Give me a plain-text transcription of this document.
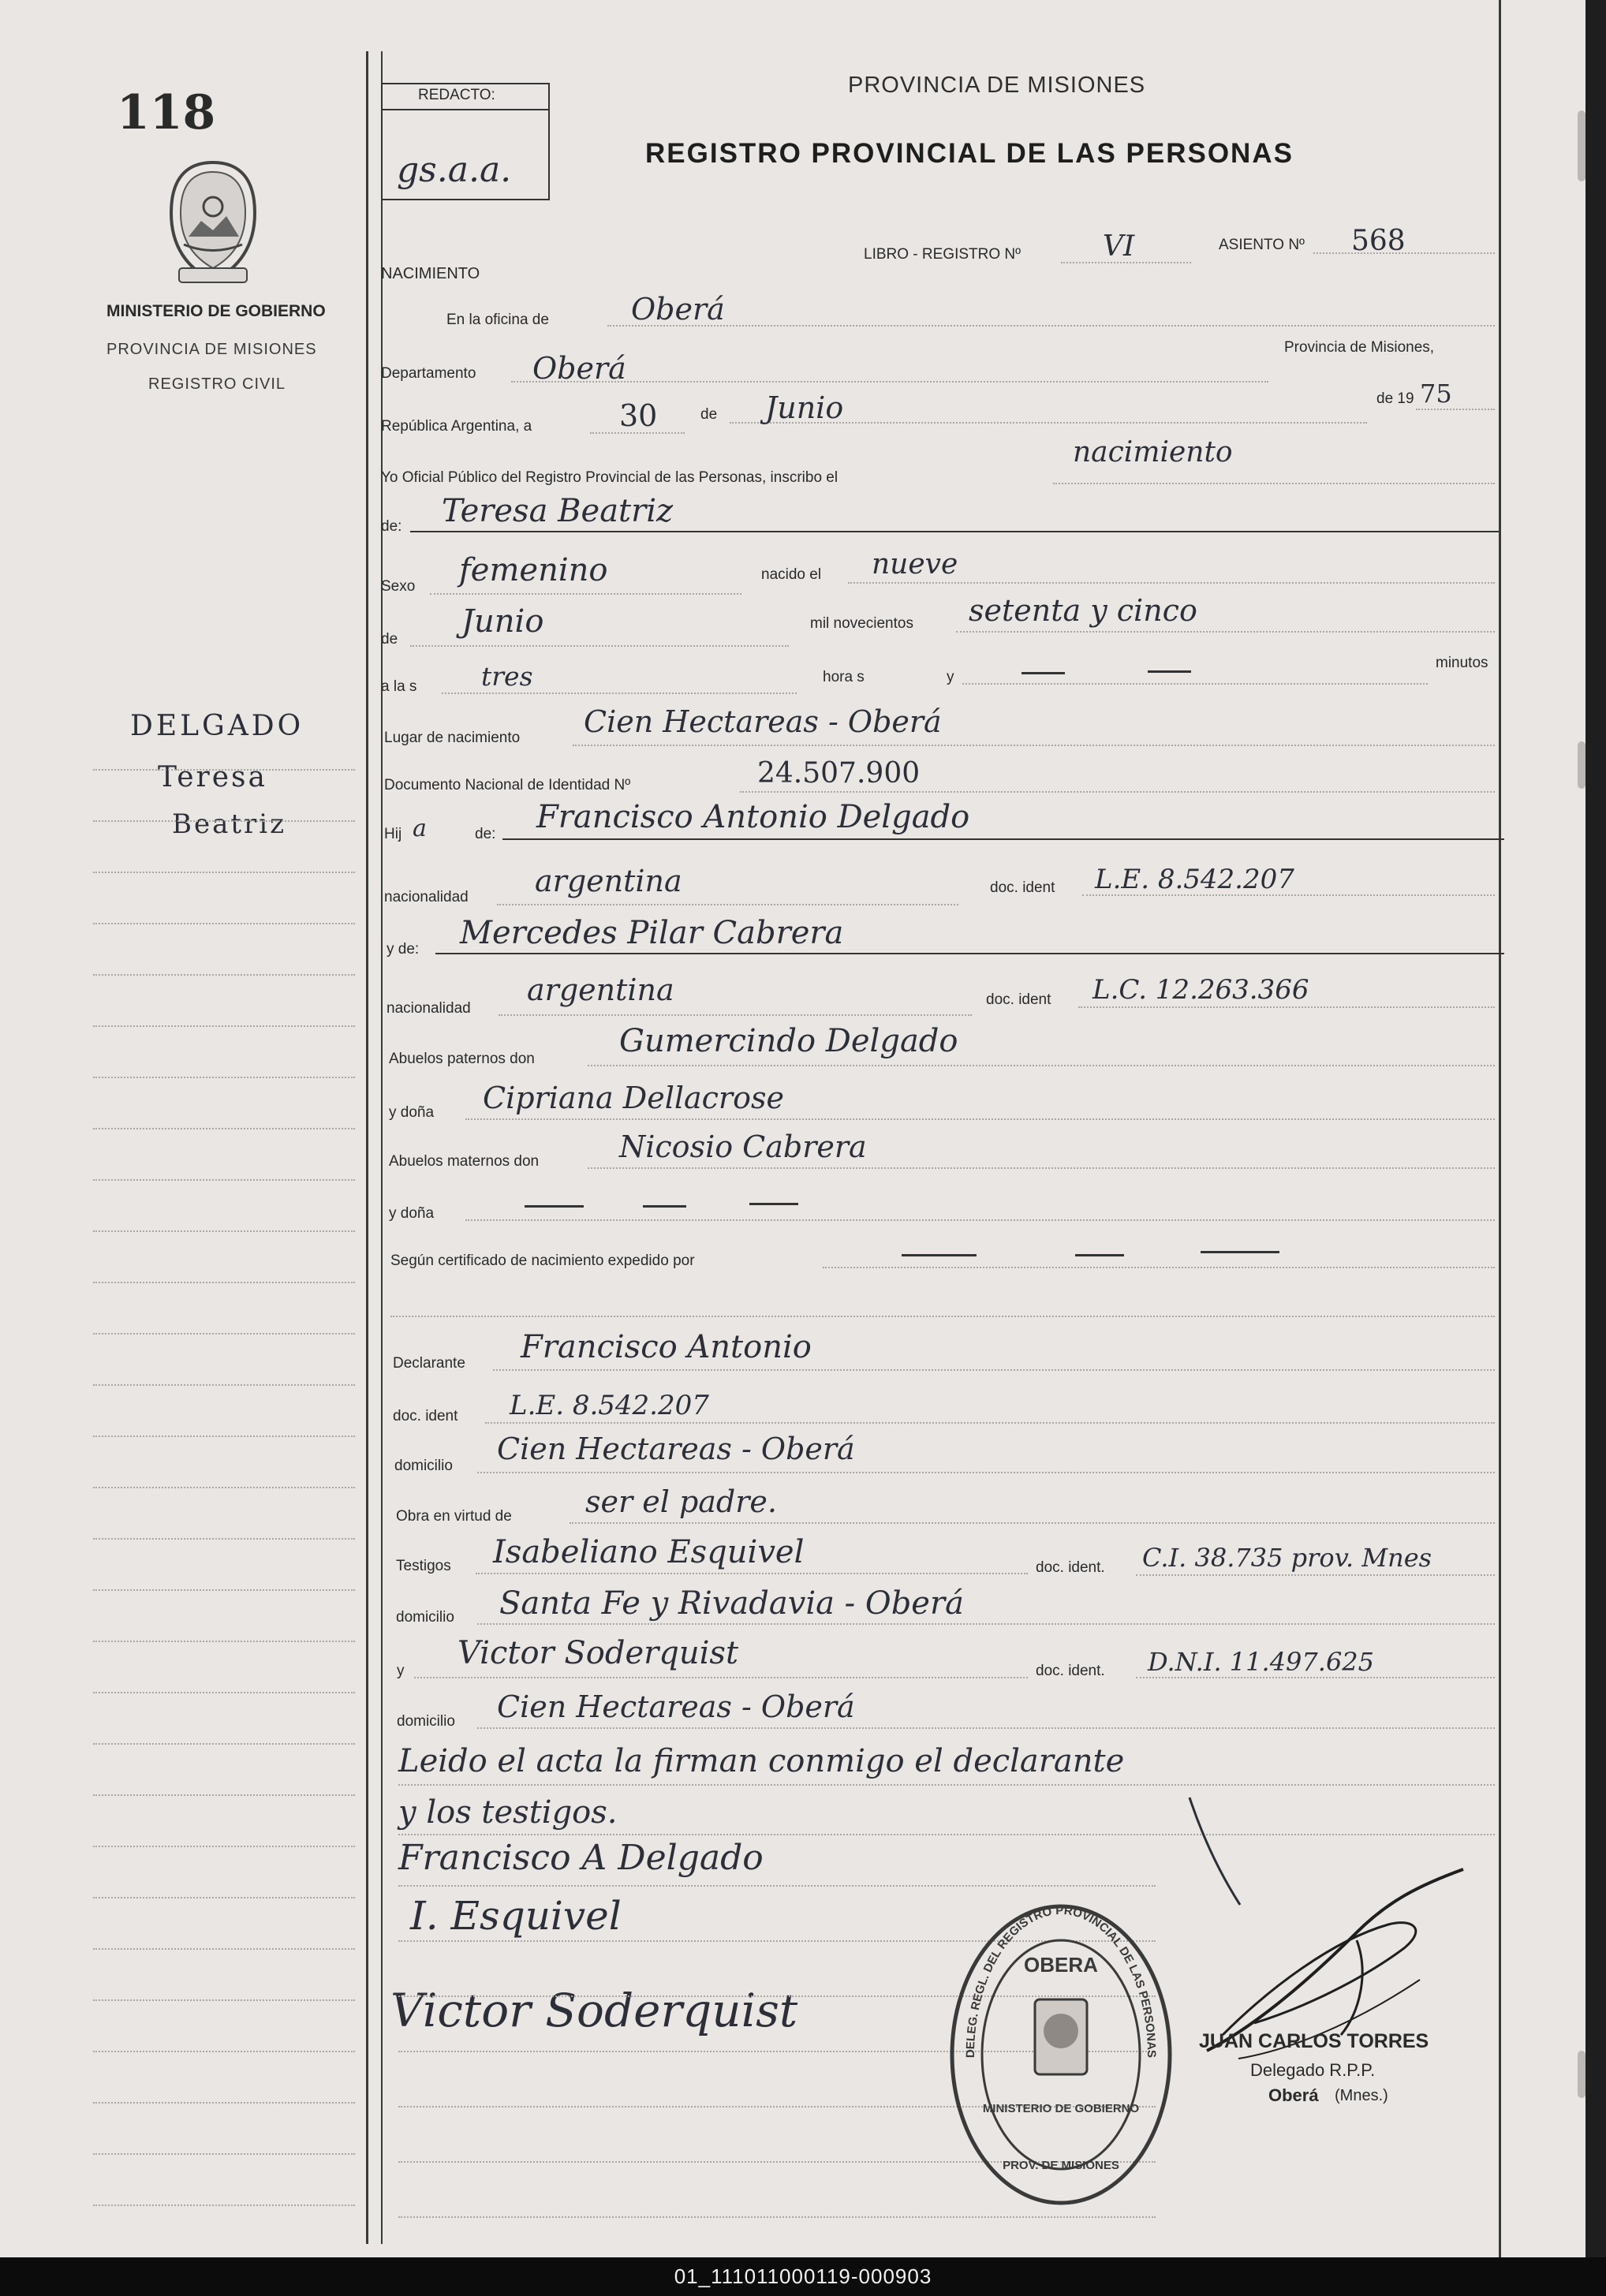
118
MINISTERIO DE GOBIERNO
PROVINCIA DE MISIONES
REGISTRO CIVIL
DELGADO
Teresa
Beatriz
REDACTO:
gs.a.a.
PROVINCIA DE MISIONES
REGISTRO PROVINCIAL DE LAS PERSONAS
LIBRO - REGISTRO Nº	VI	ASIENTO Nº 568
NACIMIENTO
En la oficina de	Oberá
Departamento Oberá
Provincia de Misiones,
República Argentina, a	30	de Junio	de 19 75
Yo Oficial Público del Registro Provincial de las Personas, inscribo el
nacimiento
de: Teresa Beatriz
Sexo femenino	nacido el nueve
de Junio	mil novecientos setenta y cinco
a la s tres	hora s	y
minutos
Lugar de nacimiento Cien Hectareas - Oberá
Documento Nacional de Identidad Nº	24.507.900
Hij a	de: Francisco Antonio Delgado
nacionalidad argentina	doc. ident L.E. 8.542.207
y de: Mercedes Pilar Cabrera
nacionalidad
argentina	doc. ident L.C. 12.263.366
Abuelos paternos don	Gumercindo Delgado
y doña Cipriana Dellacrose
Abuelos maternos don	Nicosio Cabrera
y doña
Según certificado de nacimiento expedido por
Declarante Francisco Antonio
doc. ident L.E. 8.542.207
domicilio Cien Hectareas - Oberá
Obra en virtud de ser el padre.
Testigos Isabeliano Esquivel	doc. ident. C.I. 38.735 prov. Mnes
domicilio Santa Fe y Rivadavia - Oberá
y Victor Soderquist	doc. ident. D.N.I. 11.497.625
domicilio Cien Hectareas - Oberá
Leido el acta la firman conmigo el declarante
y los testigos.
Francisco A Delgado
I. Esquivel
Victor Soderquist
DELEG. REGL. DEL REGISTRO PROVINCIAL DE LAS PERSONAS
OBERA
MINISTERIO DE GOBIERNO
PROV. DE MISIONES
JUAN CARLOS TORRES
Delegado R.P.P.
Oberá (Mnes.)
01_111011000119-000903
